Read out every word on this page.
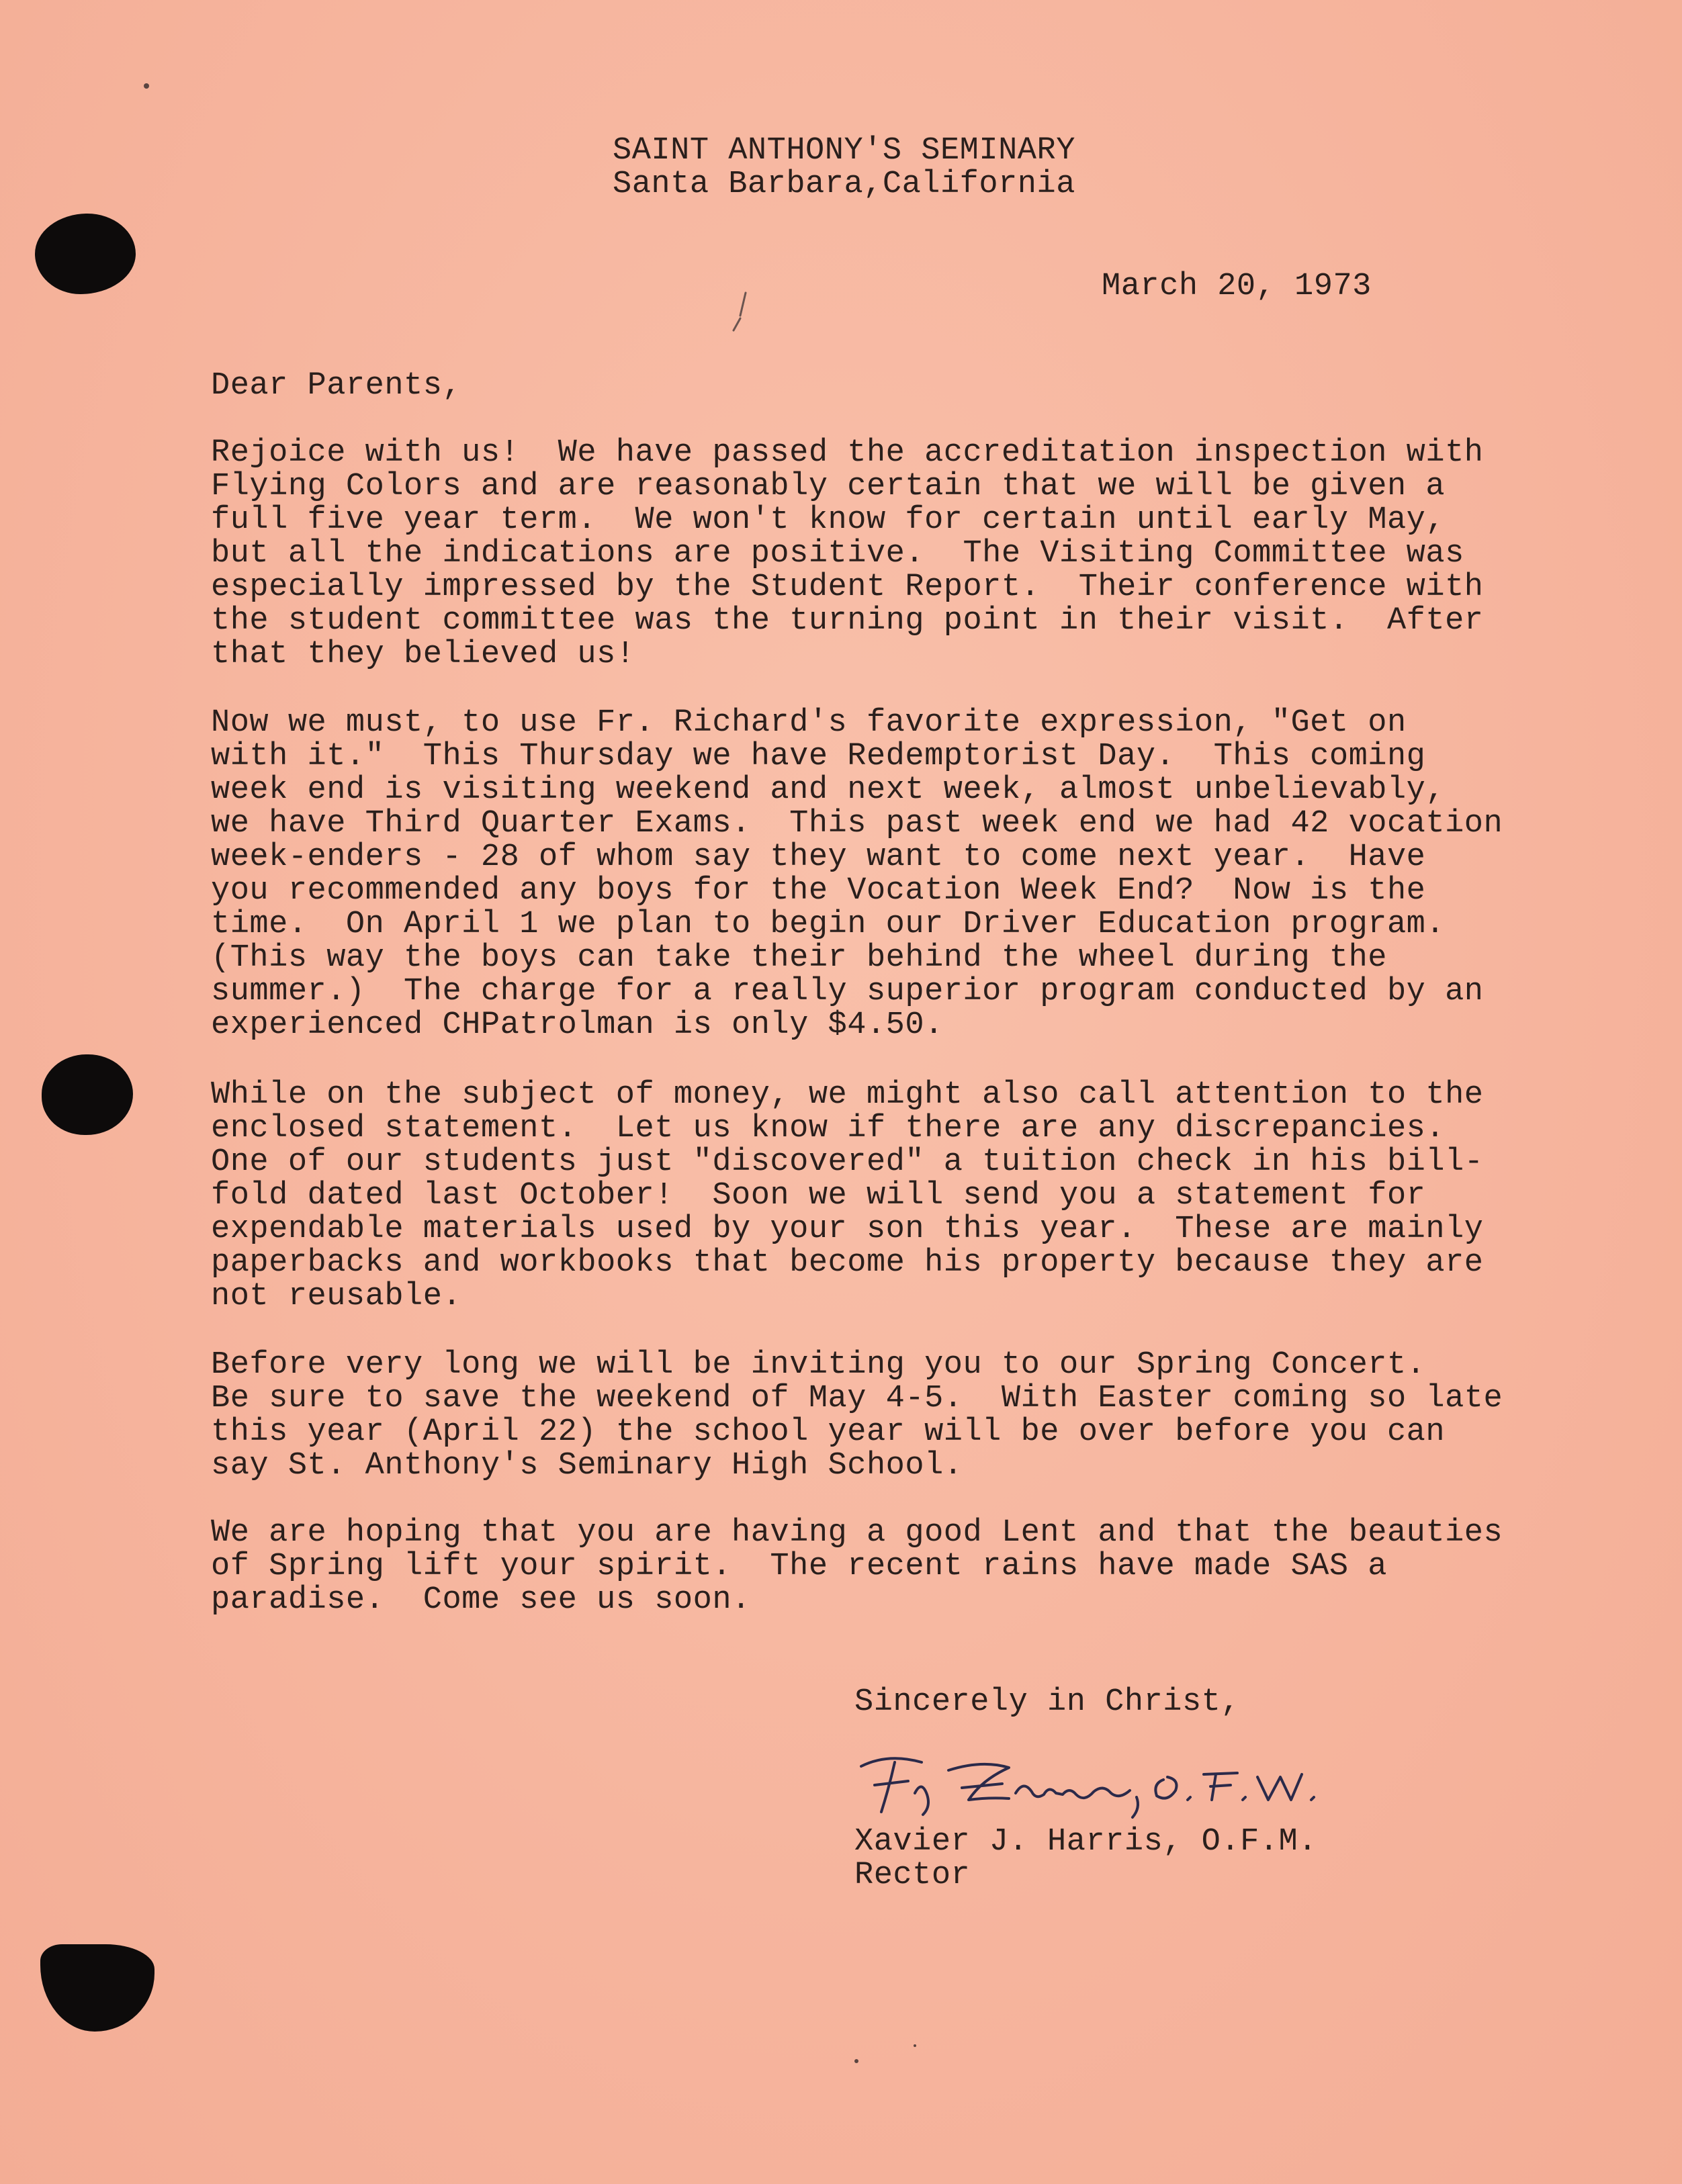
SAINT ANTHONY'S SEMINARY
Santa Barbara,California
March 20, 1973
Dear Parents,
Rejoice with us!  We have passed the accreditation inspection with
Flying Colors and are reasonably certain that we will be given a
full five year term.  We won't know for certain until early May,
but all the indications are positive.  The Visiting Committee was
especially impressed by the Student Report.  Their conference with
the student committee was the turning point in their visit.  After
that they believed us!
Now we must, to use Fr. Richard's favorite expression, "Get on
with it."  This Thursday we have Redemptorist Day.  This coming
week end is visiting weekend and next week, almost unbelievably,
we have Third Quarter Exams.  This past week end we had 42 vocation
week-enders - 28 of whom say they want to come next year.  Have
you recommended any boys for the Vocation Week End?  Now is the
time.  On April 1 we plan to begin our Driver Education program.
(This way the boys can take their behind the wheel during the
summer.)  The charge for a really superior program conducted by an
experienced CHPatrolman is only $4.50.
While on the subject of money, we might also call attention to the
enclosed statement.  Let us know if there are any discrepancies.
One of our students just "discovered" a tuition check in his bill-
fold dated last October!  Soon we will send you a statement for
expendable materials used by your son this year.  These are mainly
paperbacks and workbooks that become his property because they are
not reusable.
Before very long we will be inviting you to our Spring Concert.
Be sure to save the weekend of May 4-5.  With Easter coming so late
this year (April 22) the school year will be over before you can
say St. Anthony's Seminary High School.
We are hoping that you are having a good Lent and that the beauties
of Spring lift your spirit.  The recent rains have made SAS a
paradise.  Come see us soon.
Sincerely in Christ,
Xavier J. Harris, O.F.M.
Rector
